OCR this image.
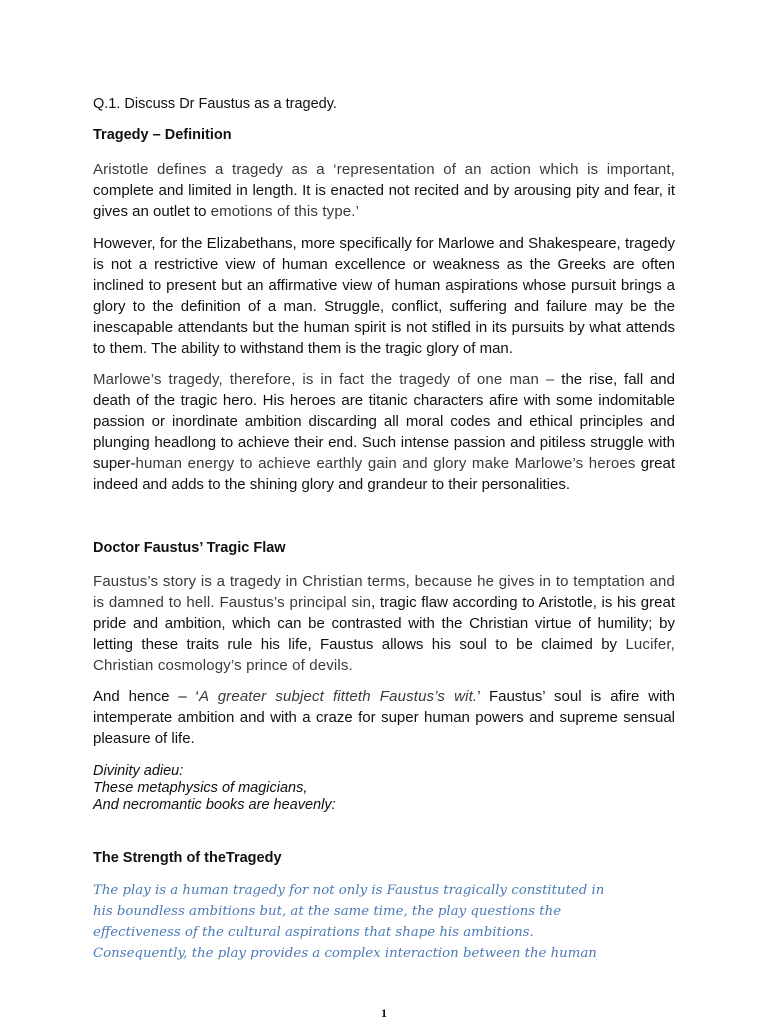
Q.1. Discuss Dr Faustus as a tragedy.

Tragedy – Definition

Aristotle defines a tragedy as a ‘representation of an action which is important, complete and limited in length. It is enacted not recited and by arousing pity and fear, it gives an outlet to emotions of this type.’

However, for the Elizabethans, more specifically for Marlowe and Shakespeare, tragedy is not a restrictive view of human excellence or weakness as the Greeks are often inclined to present but an affirmative view of human aspirations whose pursuit brings a glory to the definition of a man. Struggle, conflict, suffering and failure may be the inescapable attendants but the human spirit is not stifled in its pursuits by what attends to them. The ability to withstand them is the tragic glory of man.

Marlowe’s tragedy, therefore, is in fact the tragedy of one man – the rise, fall and death of the tragic hero. His heroes are titanic characters afire with some indomitable passion or inordinate ambition discarding all moral codes and ethical principles and plunging headlong to achieve their end. Such intense passion and pitiless struggle with super-human energy to achieve earthly gain and glory make Marlowe’s heroes great indeed and adds to the shining glory and grandeur to their personalities.

Doctor Faustus’ Tragic Flaw

Faustus’s story is a tragedy in Christian terms, because he gives in to temptation and is damned to hell. Faustus’s principal sin, tragic flaw according to Aristotle, is his great pride and ambition, which can be contrasted with the Christian virtue of humility; by letting these traits rule his life, Faustus allows his soul to be claimed by Lucifer, Christian cosmology’s prince of devils.

And hence – ‘A greater subject fitteth Faustus’s wit.’ Faustus’ soul is afire with intemperate ambition and with a craze for super human powers and supreme sensual pleasure of life.

Divinity adieu:
These metaphysics of magicians,
And necromantic books are heavenly:

The Strength of theTragedy

The play is a human tragedy for not only is Faustus tragically constituted in
his boundless ambitions but, at the same time, the play questions the
effectiveness of the cultural aspirations that shape his ambitions.
Consequently, the play provides a complex interaction between the human
1
